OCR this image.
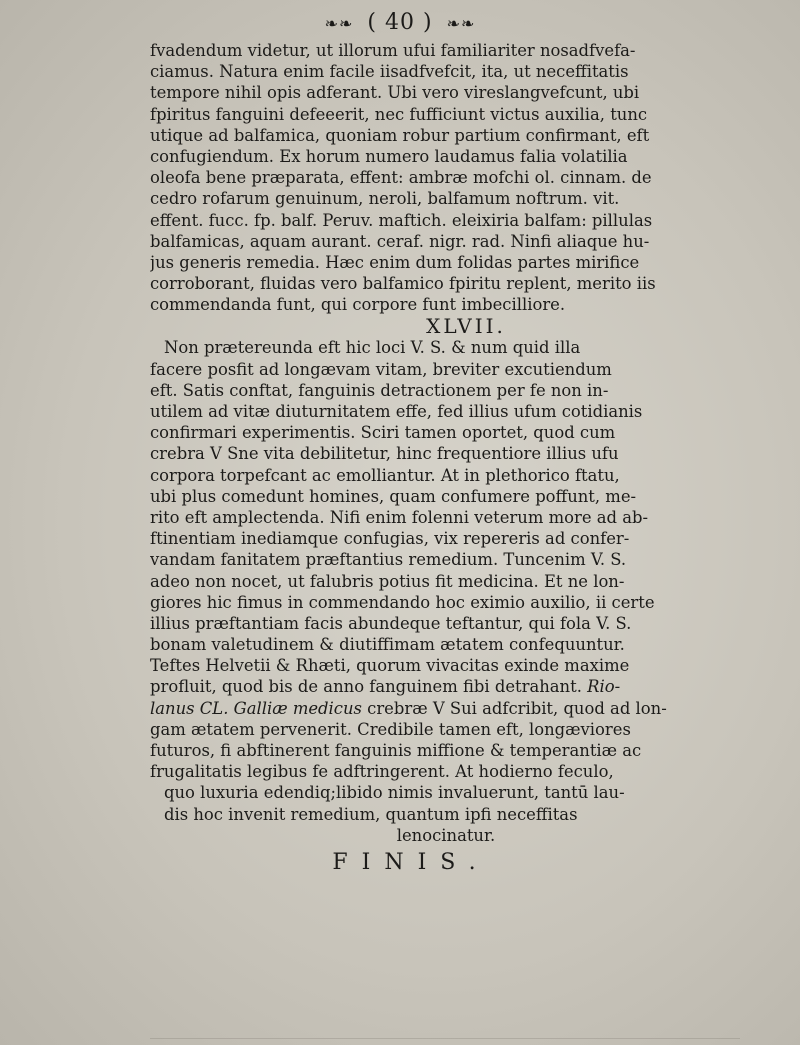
❧❧ ( 40 ) ❧❧
fvadendum videtur, ut illorum ufui familiariter nosadfvefa-
ciamus. Natura enim facile iisadfvefcit, ita, ut neceffitatis
tempore nihil opis adferant. Ubi vero vireslangvefcunt, ubi
fpiritus fanguini defeeerit, nec fufficiunt victus auxilia, tunc
utique ad balfamica, quoniam robur partium confirmant, eft
confugiendum. Ex horum numero laudamus falia volatilia
oleofa bene præparata, effent: ambræ mofchi ol. cinnam. de
cedro rofarum genuinum, neroli, balfamum noftrum. vit.
effent. fucc. fp. balf. Peruv. maftich. eleixiria balfam: pillulas
balfamicas, aquam aurant. ceraf. nigr. rad. Ninfi aliaque hu-
jus generis remedia. Hæc enim dum folidas partes mirifice
corroborant, fluidas vero balfamico fpiritu replent, merito iis
commendanda funt, qui corpore funt imbecilliore.
XLVII.
Non prætereunda eft hic loci V. S. & num quid illa
facere posfit ad longævam vitam, breviter excutiendum
eft. Satis conftat, fanguinis detractionem per fe non in-
utilem ad vitæ diuturnitatem effe, fed illius ufum cotidianis
confirmari experimentis. Sciri tamen oportet, quod cum
crebra V Sne vita debilitetur, hinc frequentiore illius ufu
corpora torpefcant ac emolliantur. At in plethorico ftatu,
ubi plus comedunt homines, quam confumere poffunt, me-
rito eft amplectenda. Nifi enim folenni veterum more ad ab-
ftinentiam inediamque confugias, vix repereris ad confer-
vandam fanitatem præftantius remedium. Tuncenim V. S.
adeo non nocet, ut falubris potius fit medicina. Et ne lon-
giores hic fimus in commendando hoc eximio auxilio, ii certe
illius præftantiam facis abundeque teftantur, qui fola V. S.
bonam valetudinem & diutiffimam ætatem confequuntur.
Teftes Helvetii & Rhæti, quorum vivacitas exinde maxime
profluit, quod bis de anno fanguinem fibi detrahant. Rio-
lanus CL. Galliæ medicus crebræ V Sui adfcribit, quod ad lon-
gam ætatem pervenerit. Credibile tamen eft, longæviores
futuros, fi abftinerent fanguinis miffione & temperantiæ ac
frugalitatis legibus fe adftringerent. At hodierno feculo,
quo luxuria edendiq;libido nimis invaluerunt, tantū lau-
dis hoc invenit remedium, quantum ipfi neceffitas
lenocinatur.
FINIS.
